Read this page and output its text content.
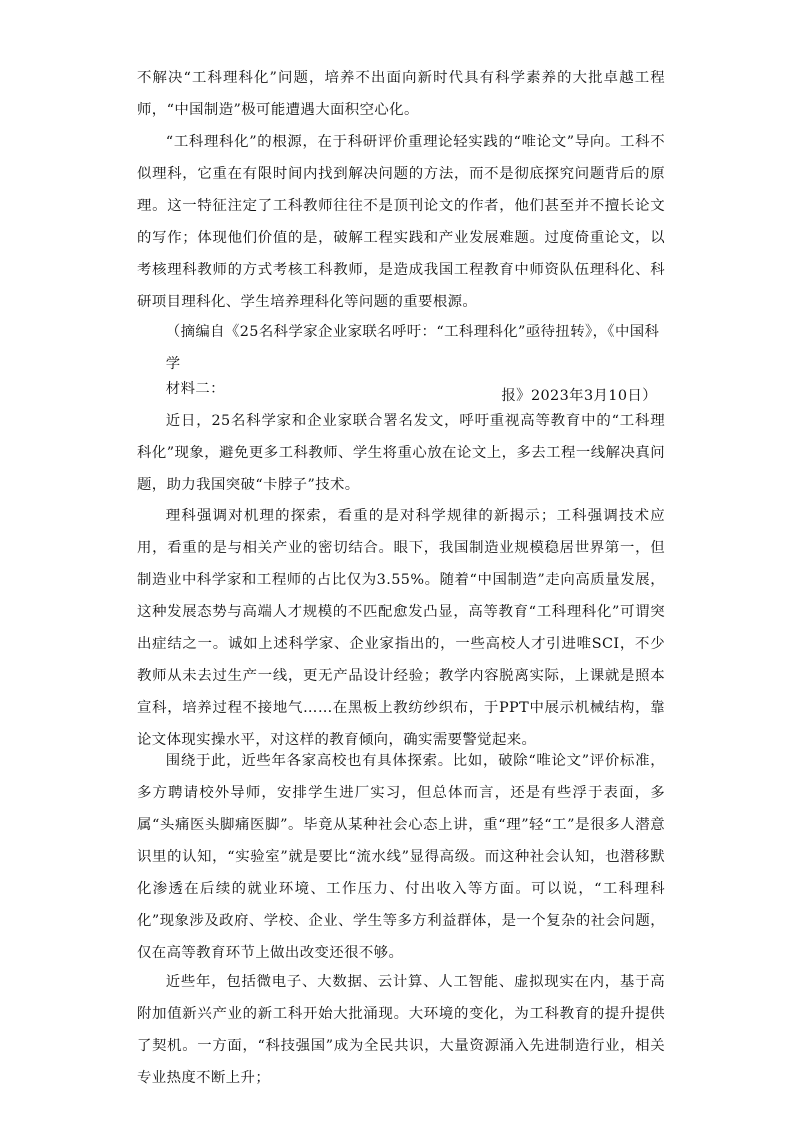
不解决“工科理科化”问题，培养不出面向新时代具有科学素养的大批卓越工程师，“中国制造”极可能遭遇大面积空心化。

“工科理科化”的根源，在于科研评价重理论轻实践的“唯论文”导向。工科不似理科，它重在有限时间内找到解决问题的方法，而不是彻底探究问题背后的原理。这一特征注定了工科教师往往不是顶刊论文的作者，他们甚至并不擅长论文的写作；体现他们价值的是，破解工程实践和产业发展难题。过度倚重论文，以考核理科教师的方式考核工科教师，是造成我国工程教育中师资队伍理科化、科研项目理科化、学生培养理科化等问题的重要根源。

（摘编自《25名科学家企业家联名呼吁：“工科理科化”亟待扭转》，《中国科学
报》2023年3月10日）

材料二：

近日，25名科学家和企业家联合署名发文，呼吁重视高等教育中的“工科理科化”现象，避免更多工科教师、学生将重心放在论文上，多去工程一线解决真问题，助力我国突破“卡脖子”技术。

理科强调对机理的探索，看重的是对科学规律的新揭示；工科强调技术应用，看重的是与相关产业的密切结合。眼下，我国制造业规模稳居世界第一，但制造业中科学家和工程师的占比仅为3.55%。随着“中国制造”走向高质量发展，这种发展态势与高端人才规模的不匹配愈发凸显，高等教育“工科理科化”可谓突出症结之一。诚如上述科学家、企业家指出的，一些高校人才引进唯SCI，不少教师从未去过生产一线，更无产品设计经验；教学内容脱离实际，上课就是照本宣科，培养过程不接地气……在黑板上教纺纱织布，于PPT中展示机械结构，靠论文体现实操水平，对这样的教育倾向，确实需要警觉起来。

围绕于此，近些年各家高校也有具体探索。比如，破除“唯论文”评价标准，多方聘请校外导师，安排学生进厂实习，但总体而言，还是有些浮于表面，多属“头痛医头脚痛医脚”。毕竟从某种社会心态上讲，重“理”轻“工”是很多人潜意识里的认知，“实验室”就是要比“流水线”显得高级。而这种社会认知，也潜移默化渗透在后续的就业环境、工作压力、付出收入等方面。可以说，“工科理科化”现象涉及政府、学校、企业、学生等多方利益群体，是一个复杂的社会问题，仅在高等教育环节上做出改变还很不够。

近些年，包括微电子、大数据、云计算、人工智能、虚拟现实在内，基于高附加值新兴产业的新工科开始大批涌现。大环境的变化，为工科教育的提升提供了契机。一方面，“科技强国”成为全民共识，大量资源涌入先进制造行业，相关专业热度不断上升；
